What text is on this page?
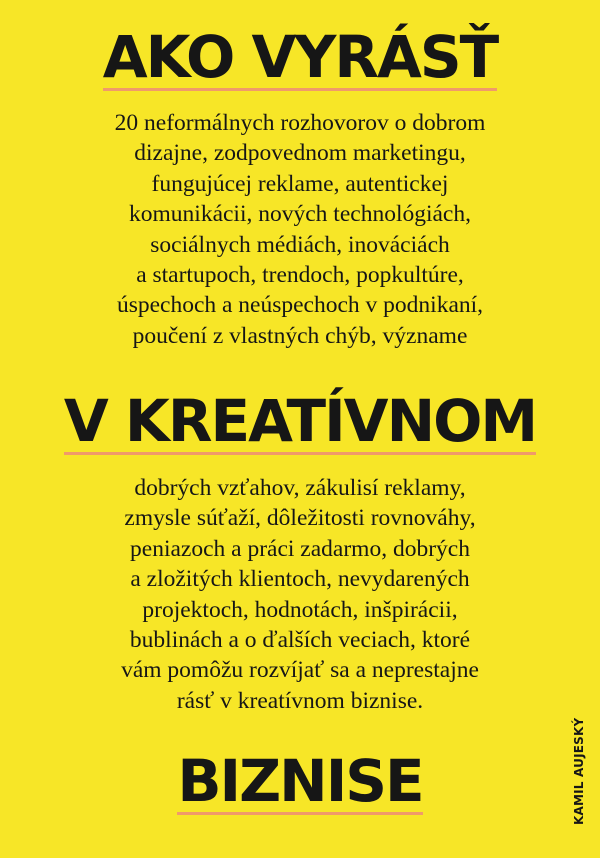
AKO VYRÁSŤ

20 neformálnych rozhovorov o dobrom
dizajne, zodpovednom marketingu,
fungujúcej reklame, autentickej
komunikácii, nových technológiách,
sociálnych médiách, inováciách
a startupoch, trendoch, popkultúre,
úspechoch a neúspechoch v podnikaní,
poučení z vlastných chýb, význame

V KREATÍVNOM

dobrých vzťahov, zákulisí reklamy,
zmysle súťaží, dôležitosti rovnováhy,
peniazoch a práci zadarmo, dobrých
a zložitých klientoch, nevydarených
projektoch, hodnotách, inšpirácii,
bublinách a o ďalších veciach, ktoré
vám pomôžu rozvíjať sa a neprestajne
rásť v kreatívnom biznise.

BIZNISE	KAMIL AUJESKÝ
